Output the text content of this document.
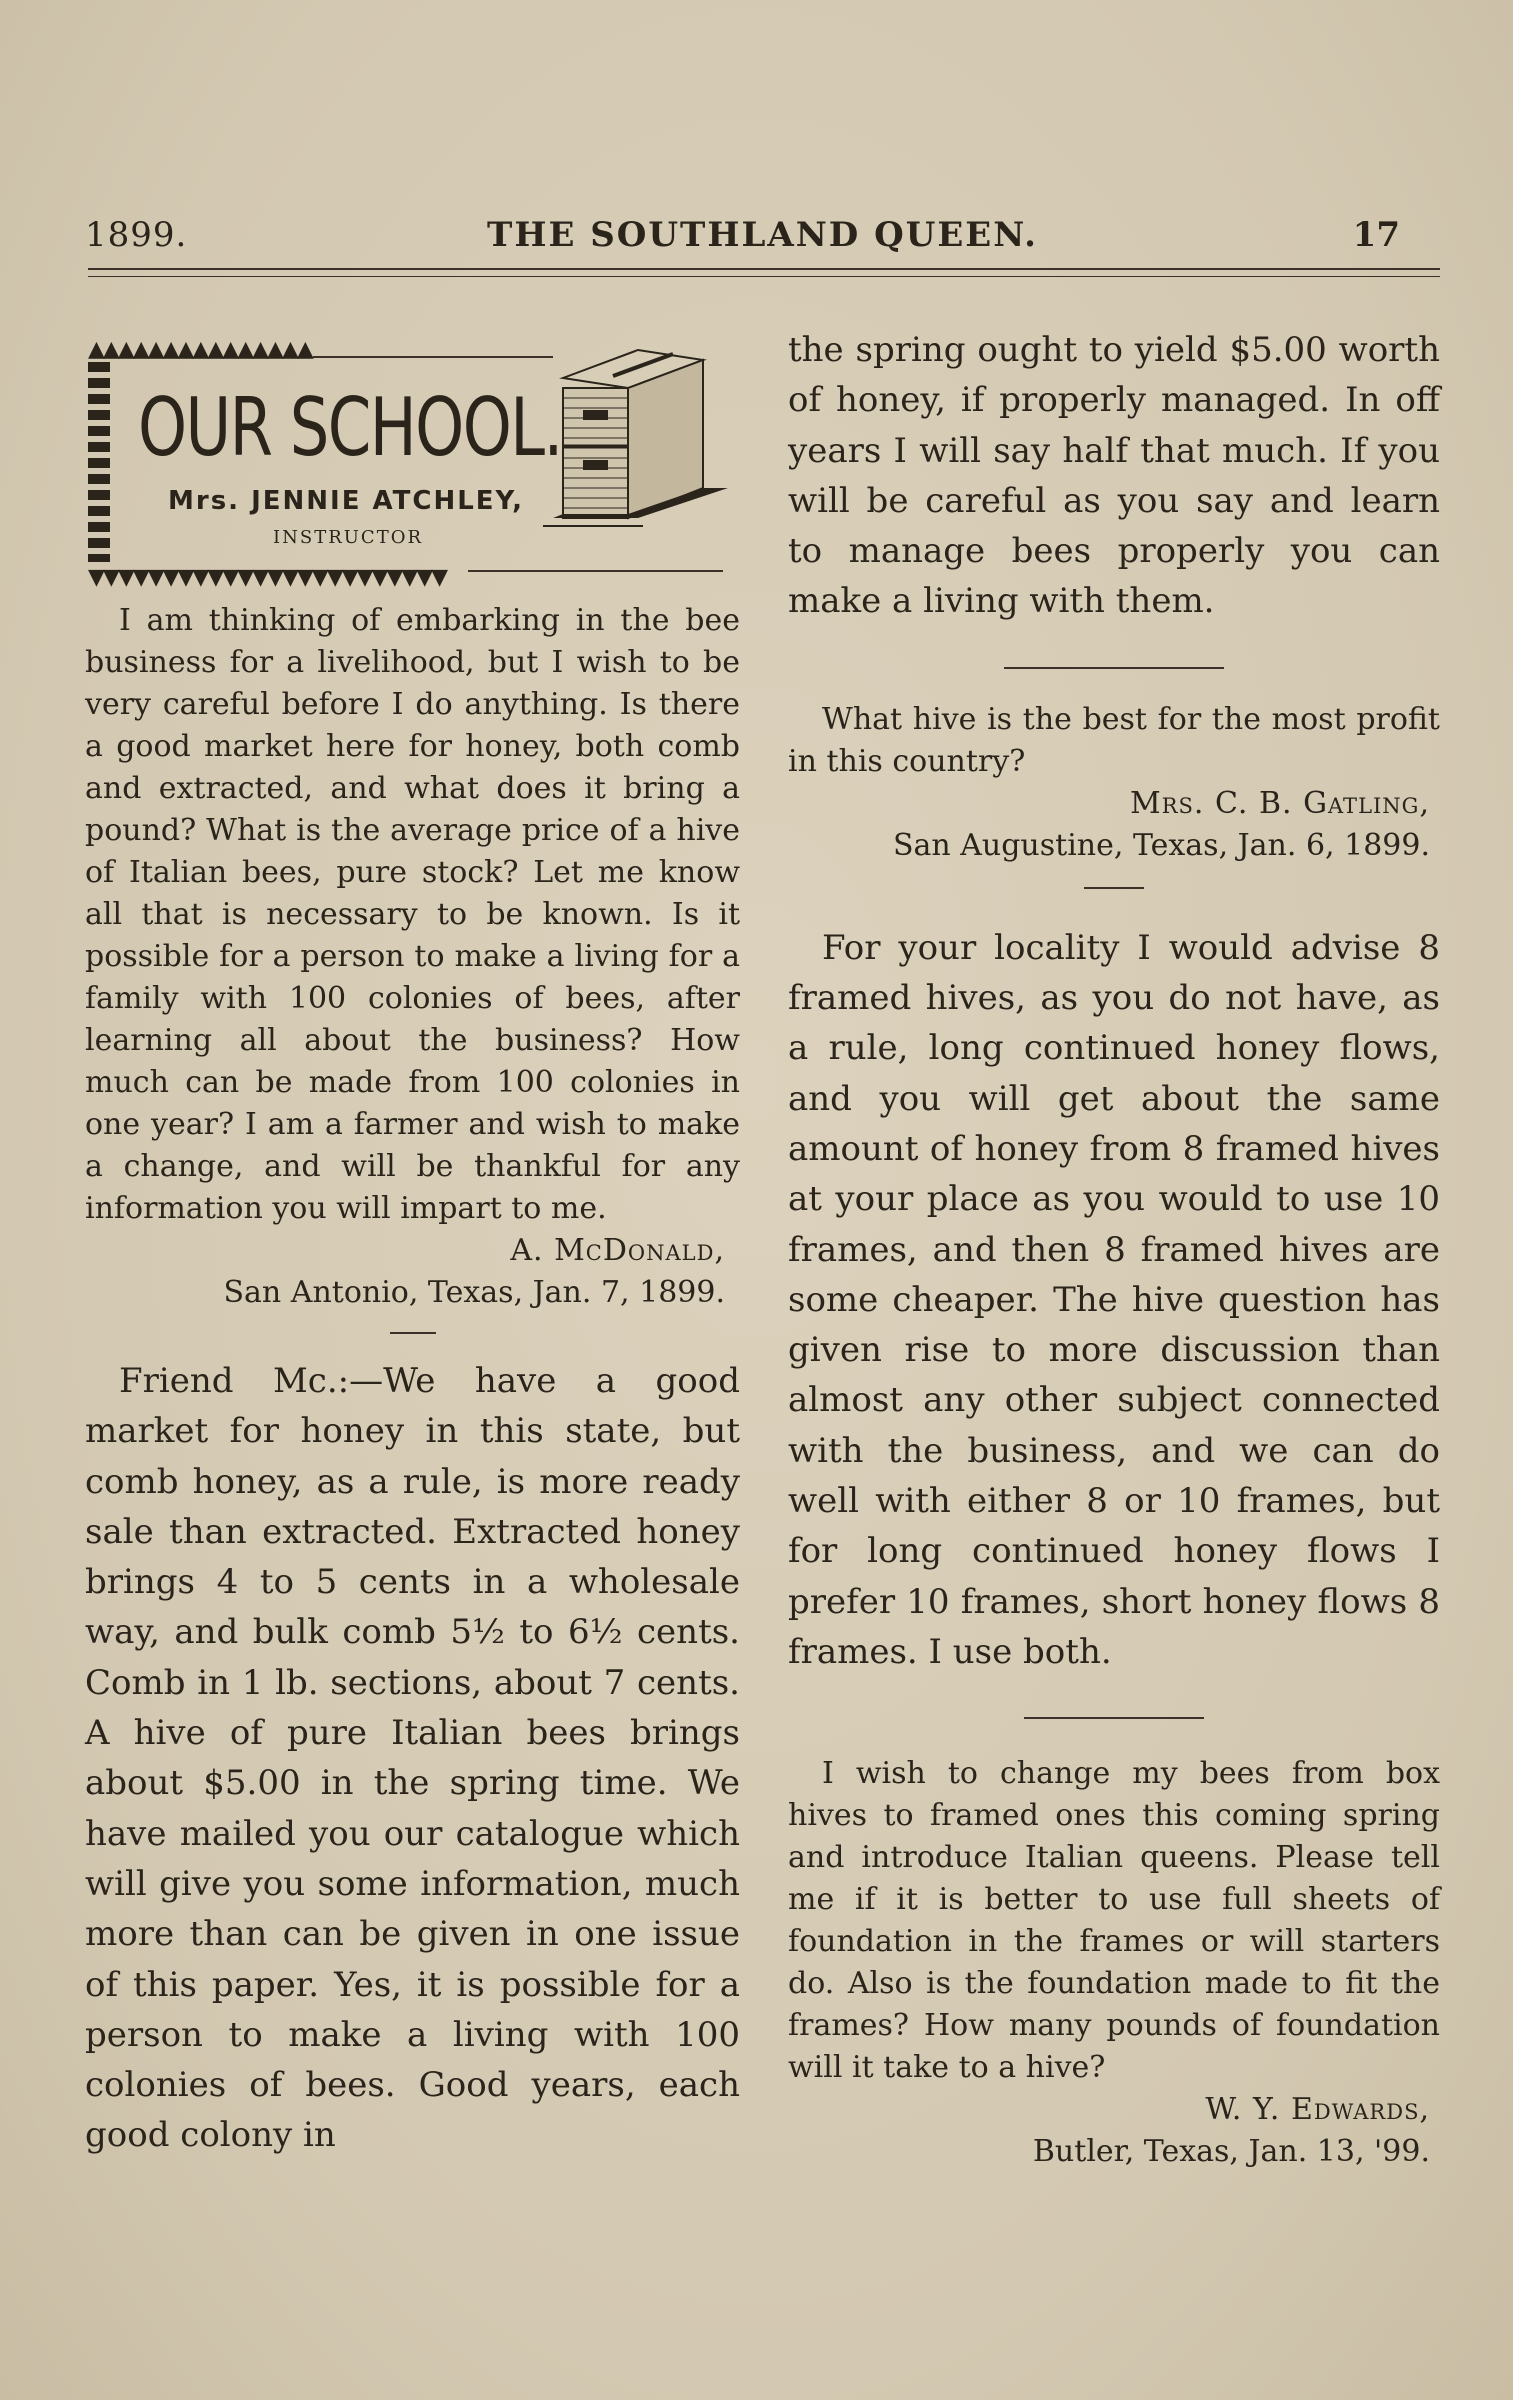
1899.	THE SOUTHLAND QUEEN.	17
▲▲▲▲▲▲▲▲▲▲▲▲▲▲▲
OUR SCHOOL.
Mrs. JENNIE ATCHLEY,
INSTRUCTOR
▼▼▼▼▼▼▼▼▼▼▼▼▼▼▼▼▼▼▼▼▼▼▼▼

I am thinking of embarking in the bee business for a livelihood, but I wish to be very careful before I do anything. Is there a good market here for honey, both comb and extracted, and what does it bring a pound? What is the average price of a hive of Italian bees, pure stock? Let me know all that is necessary to be known. Is it possible for a person to make a living for a family with 100 colonies of bees, after learning all about the business? How much can be made from 100 colonies in one year? I am a farmer and wish to make a change, and will be thankful for any information you will impart to me.

A. McDonald,
San Antonio, Texas, Jan. 7, 1899.

Friend Mc.:—We have a good market for honey in this state, but comb honey, as a rule, is more ready sale than extracted. Extracted honey brings 4 to 5 cents in a wholesale way, and bulk comb 5½ to 6½ cents. Comb in 1 lb. sections, about 7 cents. A hive of pure Italian bees brings about $5.00 in the spring time. We have mailed you our catalogue which will give you some information, much more than can be given in one issue of this paper. Yes, it is possible for a person to make a living with 100 colonies of bees. Good years, each good colony in

the spring ought to yield $5.00 worth of honey, if properly managed. In off years I will say half that much. If you will be careful as you say and learn to manage bees properly you can make a living with them.

What hive is the best for the most profit in this country?

Mrs. C. B. Gatling,
San Augustine, Texas, Jan. 6, 1899.

For your locality I would advise 8 framed hives, as you do not have, as a rule, long continued honey flows, and you will get about the same amount of honey from 8 framed hives at your place as you would to use 10 frames, and then 8 framed hives are some cheaper. The hive question has given rise to more discussion than almost any other subject connected with the business, and we can do well with either 8 or 10 frames, but for long continued honey flows I prefer 10 frames, short honey flows 8 frames. I use both.

I wish to change my bees from box hives to framed ones this coming spring and introduce Italian queens. Please tell me if it is better to use full sheets of foundation in the frames or will starters do. Also is the foundation made to fit the frames? How many pounds of foundation will it take to a hive?

W. Y. Edwards,
Butler, Texas, Jan. 13, '99.
